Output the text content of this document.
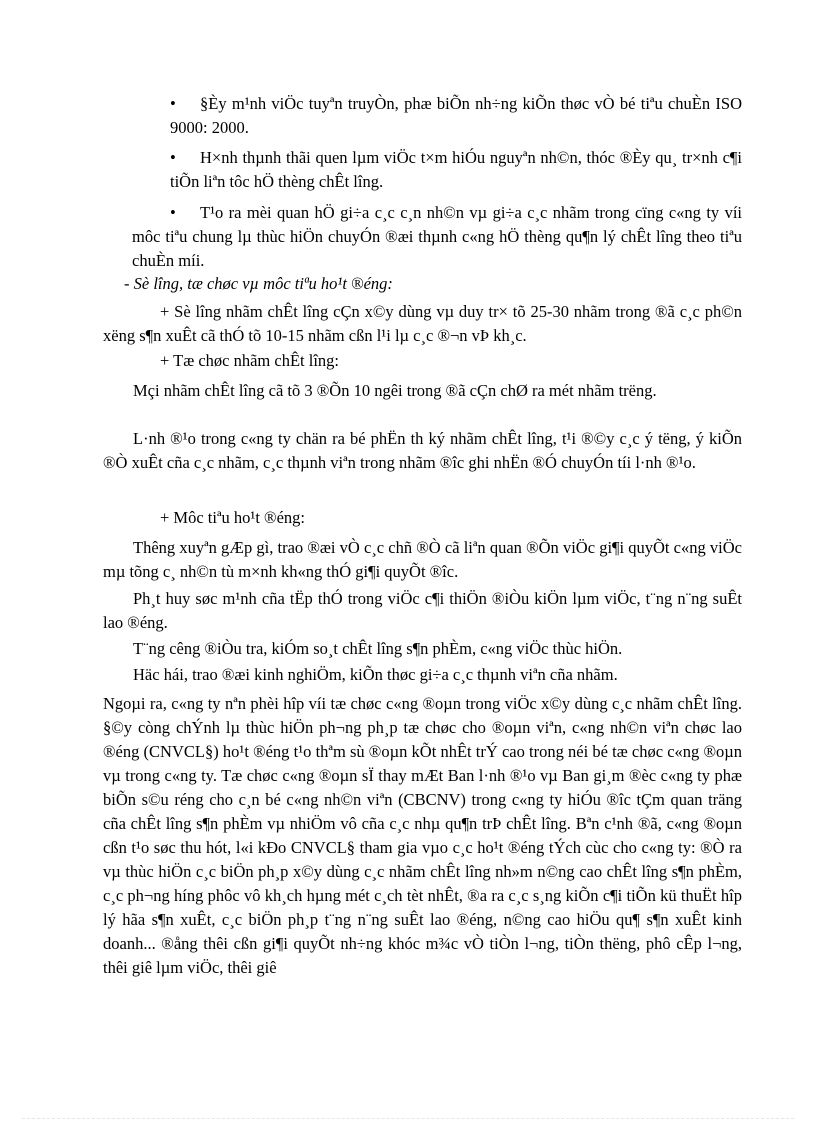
• §Èy m¹nh viÖc tuyªn truyÒn, phæ biÕn nh÷ng kiÕn thøc vÒ bé tiªu chuÈn ISO 9000: 2000.
• H×nh thµnh thãi quen lµm viÖc t×m hiÓu nguyªn nh©n, thóc ®Èy qu¸ tr×nh c¶i tiÕn liªn tôc hÖ thèng chÊt lîng.
• T¹o ra mèi quan hÖ gi÷a c¸c c¸n nh©n vµ gi÷a c¸c nhãm trong cïng c«ng ty víi môc tiªu chung lµ thùc hiÖn chuyÓn ®æi thµnh c«ng hÖ thèng qu¶n lý chÊt lîng theo tiªu chuÈn míi.
- Sè lîng, tæ chøc vµ môc tiªu ho¹t ®éng:
+ Sè lîng nhãm chÊt lîng cÇn x©y dùng vµ duy tr× tõ 25-30 nhãm trong ®ã c¸c ph©n xëng s¶n xuÊt cã thÓ tõ 10-15 nhãm cßn l¹i lµ c¸c ®¬n vÞ kh¸c.
+ Tæ chøc nhãm chÊt lîng:
Mçi nhãm chÊt lîng cã tõ 3 ®Õn 10 ngêi trong ®ã cÇn chØ ra mét nhãm trëng.
L·nh ®¹o trong c«ng ty chän ra bé phËn th ký nhãm chÊt lîng, t¹i ®©y c¸c ý tëng, ý kiÕn ®Ò xuÊt cña c¸c nhãm, c¸c thµnh viªn trong nhãm ®îc ghi nhËn ®Ó chuyÓn tíi l·nh ®¹o.
+ Môc tiªu ho¹t ®éng:
Thêng xuyªn gÆp gì, trao ®æi vÒ c¸c chñ ®Ò cã liªn quan ®Õn viÖc gi¶i quyÕt c«ng viÖc mµ tõng c¸ nh©n tù m×nh kh«ng thÓ gi¶i quyÕt ®îc.
Ph¸t huy søc m¹nh cña tËp thÓ trong viÖc c¶i thiÖn ®iÒu kiÖn lµm viÖc, t¨ng n¨ng suÊt lao ®éng.
T¨ng cêng ®iÒu tra, kiÓm so¸t chÊt lîng s¶n phÈm, c«ng viÖc thùc hiÖn.
Häc hái, trao ®æi kinh nghiÖm, kiÕn thøc gi÷a c¸c thµnh viªn cña nhãm.
Ngoµi ra, c«ng ty nªn phèi hîp víi tæ chøc c«ng ®oµn trong viÖc x©y dùng c¸c nhãm chÊt lîng. §©y còng chÝnh lµ thùc hiÖn ph¬ng ph¸p tæ chøc cho ®oµn viªn, c«ng nh©n viªn chøc lao ®éng (CNVCL§) ho¹t ®éng t¹o thªm sù ®oµn kÕt nhÊt trÝ cao trong néi bé tæ chøc c«ng ®oµn vµ trong c«ng ty. Tæ chøc c«ng ®oµn sÏ thay mÆt Ban l·nh ®¹o vµ Ban gi¸m ®èc c«ng ty phæ biÕn s©u réng cho c¸n bé c«ng nh©n viªn (CBCNV) trong c«ng ty hiÓu ®îc tÇm quan träng cña chÊt lîng s¶n phÈm vµ nhiÖm vô cña c¸c nhµ qu¶n trÞ chÊt lîng. Bªn c¹nh ®ã, c«ng ®oµn cßn t¹o søc thu hót, l«i kÐo CNVCL§ tham gia vµo c¸c ho¹t ®éng tÝch cùc cho c«ng ty: ®Ò ra vµ thùc hiÖn c¸c biÖn ph¸p x©y dùng c¸c nhãm chÊt lîng nh»m n©ng cao chÊt lîng s¶n phÈm, c¸c ph¬ng híng phôc vô kh¸ch hµng mét c¸ch tèt nhÊt, ®a ra c¸c s¸ng kiÕn c¶i tiÕn kü thuËt hîp lý hãa s¶n xuÊt, c¸c biÖn ph¸p t¨ng n¨ng suÊt lao ®éng, n©ng cao hiÖu qu¶ s¶n xuÊt kinh doanh... ®ång thêi cßn gi¶i quyÕt nh÷ng khóc m¾c vÒ tiÒn l¬ng, tiÒn thëng, phô cÊp l¬ng, thêi giê lµm viÖc, thêi giê
